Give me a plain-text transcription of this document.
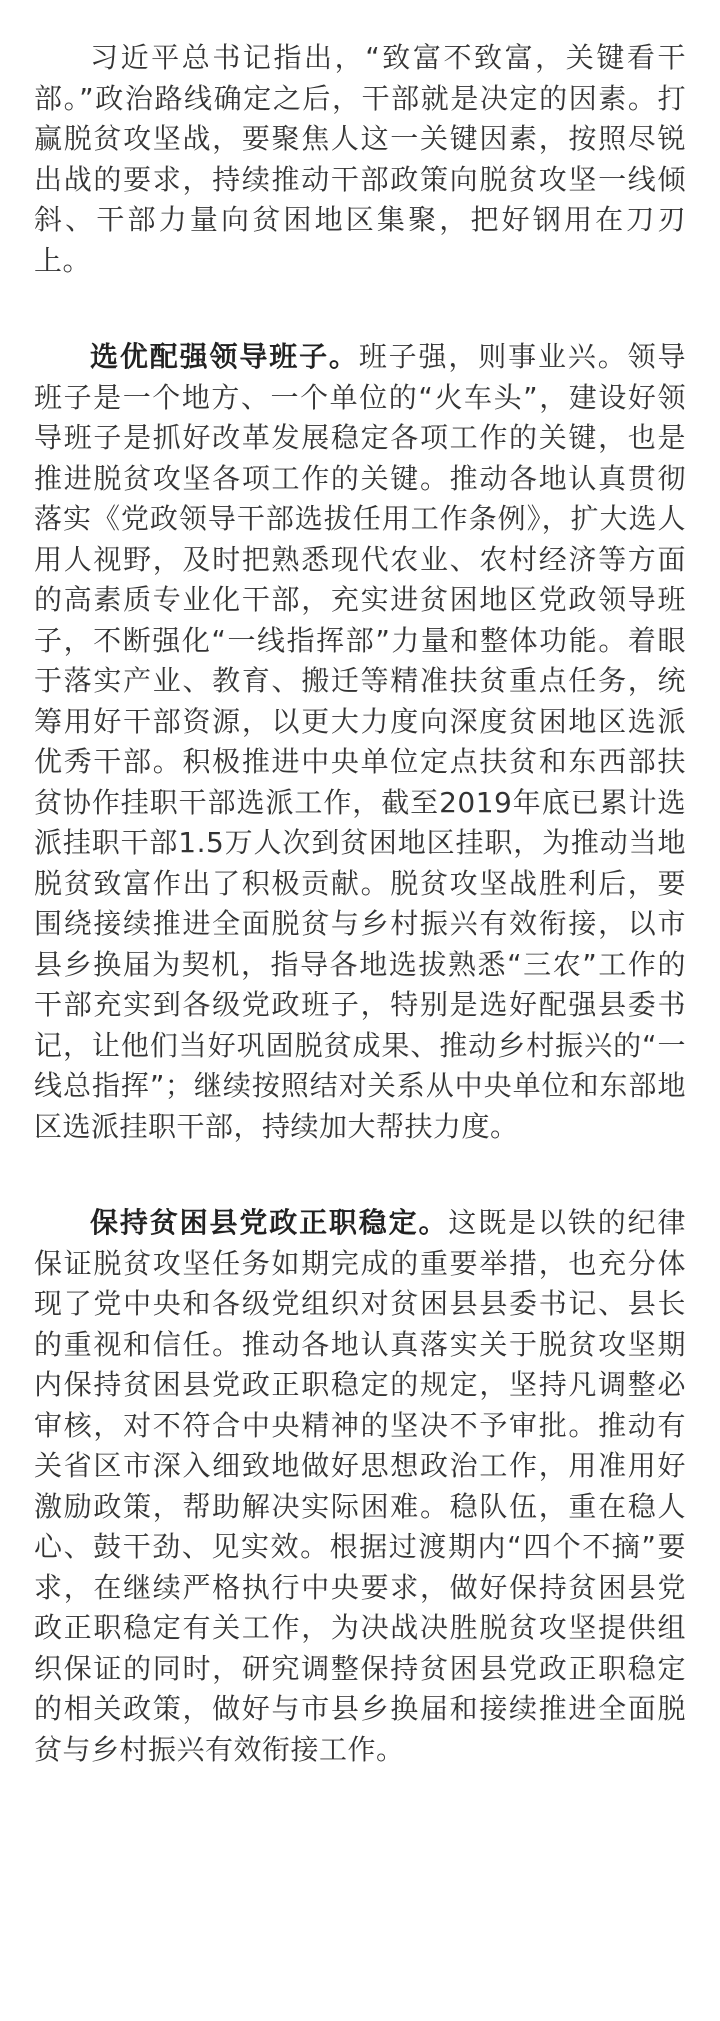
习近平总书记指出，“致富不致富，关键看干部。”政治路线确定之后，干部就是决定的因素。打赢脱贫攻坚战，要聚焦人这一关键因素，按照尽锐出战的要求，持续推动干部政策向脱贫攻坚一线倾斜、干部力量向贫困地区集聚，把好钢用在刀刃上。

选优配强领导班子。班子强，则事业兴。领导班子是一个地方、一个单位的“火车头”，建设好领导班子是抓好改革发展稳定各项工作的关键，也是推进脱贫攻坚各项工作的关键。推动各地认真贯彻落实《党政领导干部选拔任用工作条例》，扩大选人用人视野，及时把熟悉现代农业、农村经济等方面的高素质专业化干部，充实进贫困地区党政领导班子，不断强化“一线指挥部”力量和整体功能。着眼于落实产业、教育、搬迁等精准扶贫重点任务，统筹用好干部资源，以更大力度向深度贫困地区选派优秀干部。积极推进中央单位定点扶贫和东西部扶贫协作挂职干部选派工作，截至2019年底已累计选派挂职干部1.5万人次到贫困地区挂职，为推动当地脱贫致富作出了积极贡献。脱贫攻坚战胜利后，要围绕接续推进全面脱贫与乡村振兴有效衔接，以市县乡换届为契机，指导各地选拔熟悉“三农”工作的干部充实到各级党政班子，特别是选好配强县委书记，让他们当好巩固脱贫成果、推动乡村振兴的“一线总指挥”；继续按照结对关系从中央单位和东部地区选派挂职干部，持续加大帮扶力度。

保持贫困县党政正职稳定。这既是以铁的纪律保证脱贫攻坚任务如期完成的重要举措，也充分体现了党中央和各级党组织对贫困县县委书记、县长的重视和信任。推动各地认真落实关于脱贫攻坚期内保持贫困县党政正职稳定的规定，坚持凡调整必审核，对不符合中央精神的坚决不予审批。推动有关省区市深入细致地做好思想政治工作，用准用好激励政策，帮助解决实际困难。稳队伍，重在稳人心、鼓干劲、见实效。根据过渡期内“四个不摘”要求，在继续严格执行中央要求，做好保持贫困县党政正职稳定有关工作，为决战决胜脱贫攻坚提供组织保证的同时，研究调整保持贫困县党政正职稳定的相关政策，做好与市县乡换届和接续推进全面脱贫与乡村振兴有效衔接工作。
